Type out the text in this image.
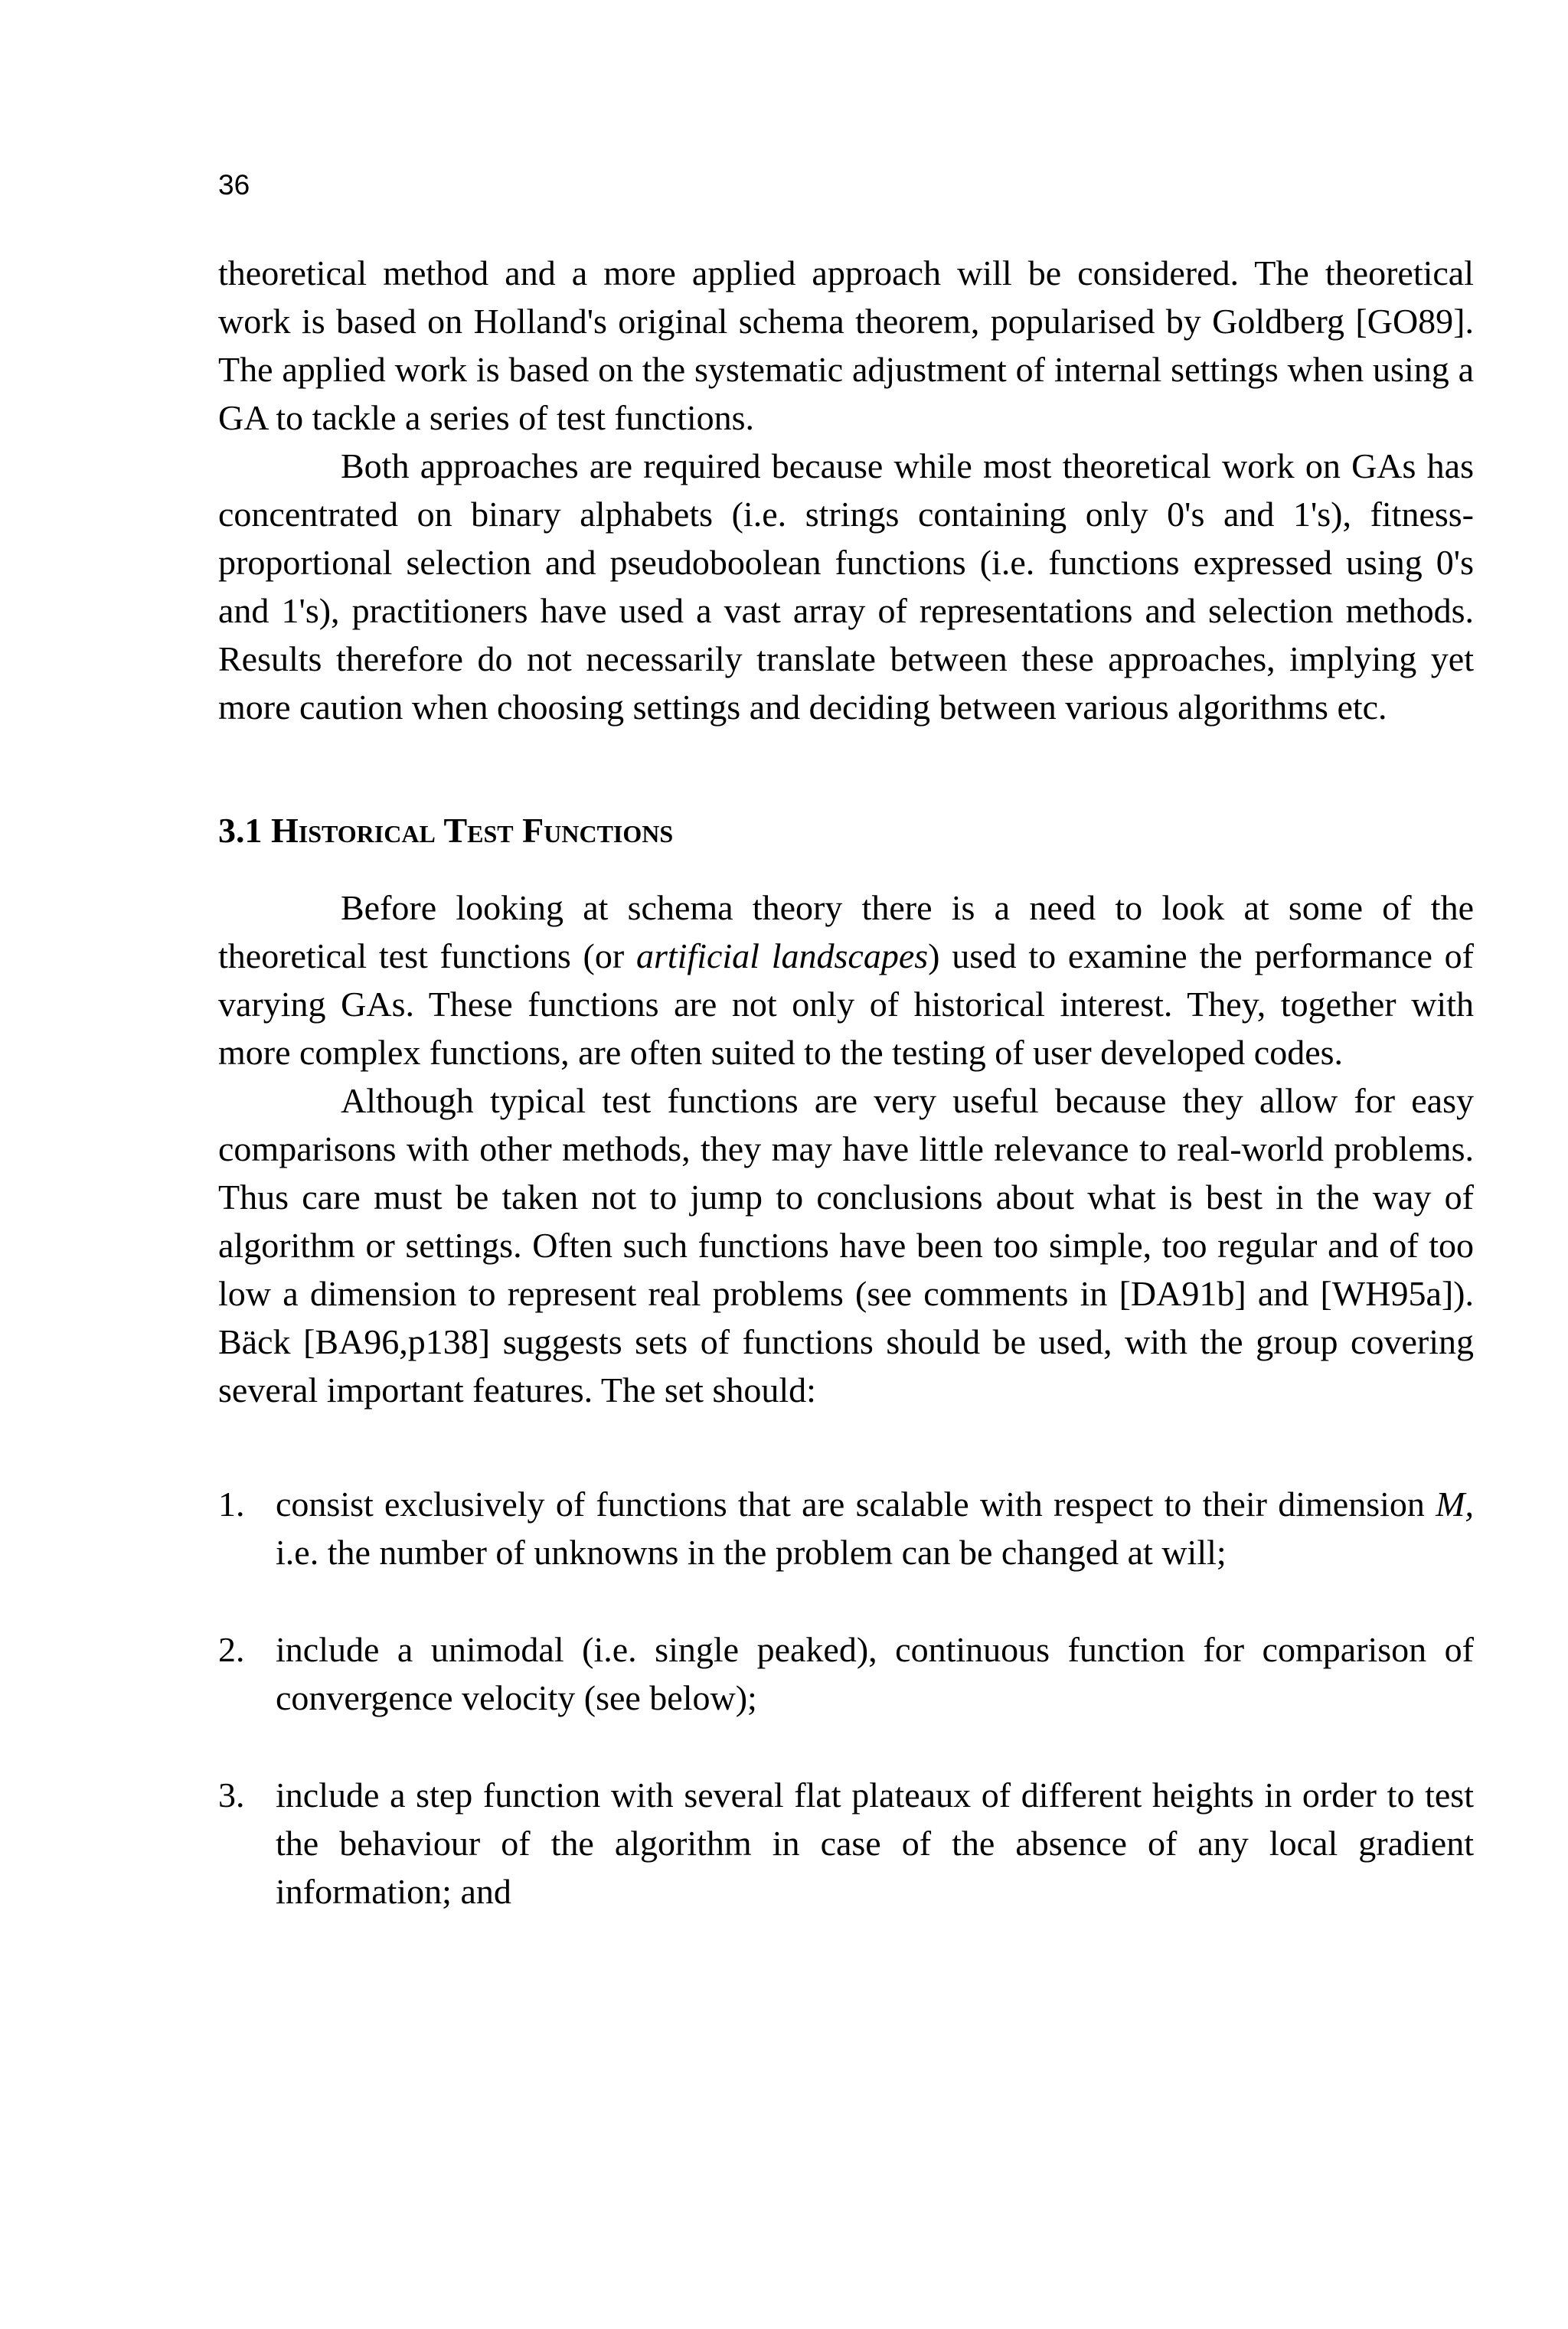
36

theoretical method and a more applied approach will be considered. The theoretical work is based on Holland's original schema theorem, popularised by Goldberg [GO89]. The applied work is based on the systematic adjustment of internal settings when using a GA to tackle a series of test functions.

Both approaches are required because while most theoretical work on GAs has concentrated on binary alphabets (i.e. strings containing only 0's and 1's), fitness-proportional selection and pseudoboolean functions (i.e. functions expressed using 0's and 1's), practitioners have used a vast array of representations and selection methods. Results therefore do not necessarily translate between these approaches, implying yet more caution when choosing settings and deciding between various algorithms etc.

3.1 Historical Test Functions

Before looking at schema theory there is a need to look at some of the theoretical test functions (or artificial landscapes) used to examine the performance of varying GAs. These functions are not only of historical interest. They, together with more complex functions, are often suited to the testing of user developed codes.

Although typical test functions are very useful because they allow for easy comparisons with other methods, they may have little relevance to real-world problems. Thus care must be taken not to jump to conclusions about what is best in the way of algorithm or settings. Often such functions have been too simple, too regular and of too low a dimension to represent real problems (see comments in [DA91b] and [WH95a]). Bäck [BA96,p138] suggests sets of functions should be used, with the group covering several important features. The set should:

1. consist exclusively of functions that are scalable with respect to their dimension M, i.e. the number of unknowns in the problem can be changed at will;
2. include a unimodal (i.e. single peaked), continuous function for comparison of convergence velocity (see below);
3. include a step function with several flat plateaux of different heights in order to test the behaviour of the algorithm in case of the absence of any local gradient information; and
